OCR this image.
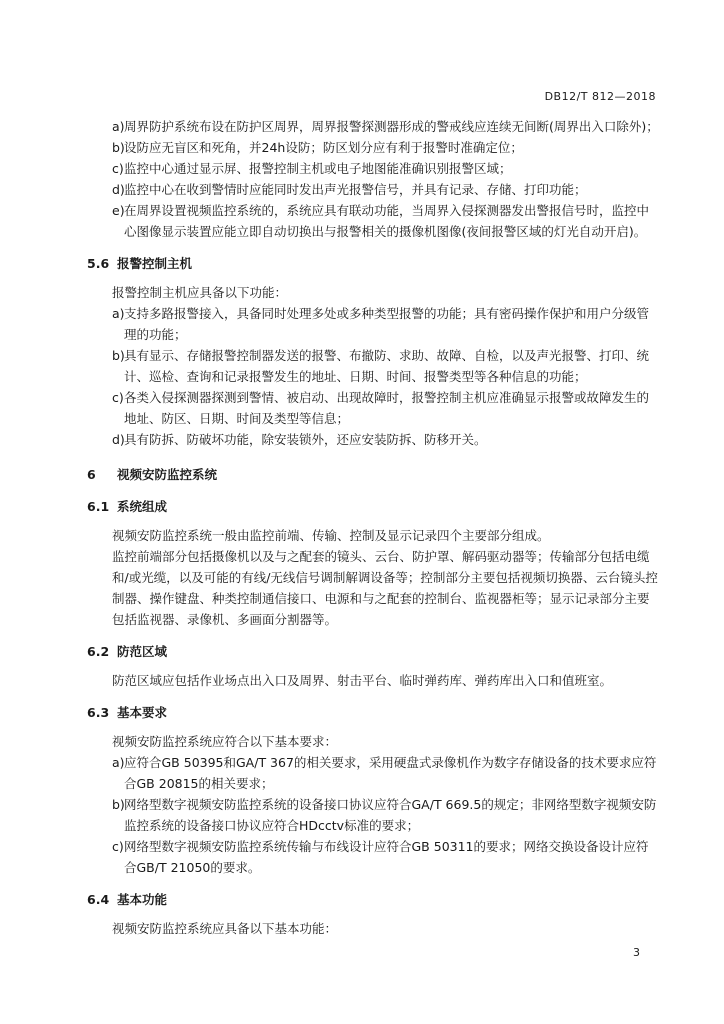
DB12/T 812—2018

a) 周界防护系统布设在防护区周界，周界报警探测器形成的警戒线应连续无间断(周界出入口除外)；

b) 设防应无盲区和死角，并24h设防；防区划分应有利于报警时准确定位；

c) 监控中心通过显示屏、报警控制主机或电子地图能准确识别报警区域；

d) 监控中心在收到警情时应能同时发出声光报警信号，并具有记录、存储、打印功能；

e) 在周界设置视频监控系统的，系统应具有联动功能，当周界入侵探测器发出警报信号时，监控中心图像显示装置应能立即自动切换出与报警相关的摄像机图像(夜间报警区域的灯光自动开启)。

5.6 报警控制主机

报警控制主机应具备以下功能：

a) 支持多路报警接入，具备同时处理多处或多种类型报警的功能；具有密码操作保护和用户分级管理的功能；

b) 具有显示、存储报警控制器发送的报警、布撤防、求助、故障、自检，以及声光报警、打印、统计、巡检、查询和记录报警发生的地址、日期、时间、报警类型等各种信息的功能；

c) 各类入侵探测器探测到警情、被启动、出现故障时，报警控制主机应准确显示报警或故障发生的地址、防区、日期、时间及类型等信息；

d) 具有防拆、防破坏功能，除安装锁外，还应安装防拆、防移开关。

6	视频安防监控系统
6.1 系统组成

视频安防监控系统一般由监控前端、传输、控制及显示记录四个主要部分组成。

监控前端部分包括摄像机以及与之配套的镜头、云台、防护罩、解码驱动器等；传输部分包括电缆和/或光缆，以及可能的有线/无线信号调制解调设备等；控制部分主要包括视频切换器、云台镜头控制器、操作键盘、种类控制通信接口、电源和与之配套的控制台、监视器柜等；显示记录部分主要包括监视器、录像机、多画面分割器等。

6.2 防范区域

防范区域应包括作业场点出入口及周界、射击平台、临时弹药库、弹药库出入口和值班室。

6.3 基本要求

视频安防监控系统应符合以下基本要求：

a) 应符合GB 50395和GA/T 367的相关要求，采用硬盘式录像机作为数字存储设备的技术要求应符合GB 20815的相关要求；

b) 网络型数字视频安防监控系统的设备接口协议应符合GA/T 669.5的规定；非网络型数字视频安防监控系统的设备接口协议应符合HDcctv标准的要求；

c) 网络型数字视频安防监控系统传输与布线设计应符合GB 50311的要求；网络交换设备设计应符合GB/T 21050的要求。

6.4 基本功能

视频安防监控系统应具备以下基本功能：

3
